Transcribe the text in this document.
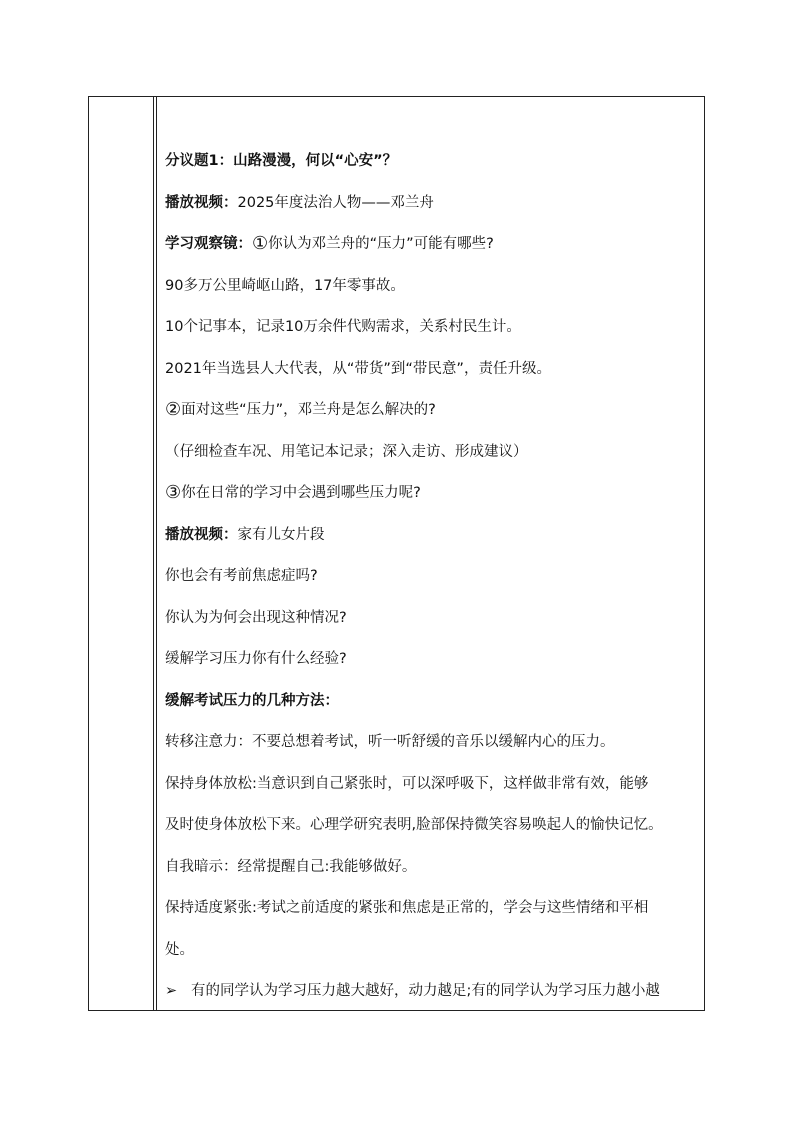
分议题1：山路漫漫，何以“心安”？
播放视频：2025年度法治人物——邓兰舟
学习观察镜：①你认为邓兰舟的“压力”可能有哪些?
90多万公里崎岖山路，17年零事故。
10个记事本，记录10万余件代购需求，关系村民生计。
2021年当选县人大代表，从“带货”到“带民意”，责任升级。
②面对这些“压力”，邓兰舟是怎么解决的?
（仔细检查车况、用笔记本记录；深入走访、形成建议）
③你在日常的学习中会遇到哪些压力呢?
播放视频：家有儿女片段
你也会有考前焦虑症吗?
你认为为何会出现这种情况?
缓解学习压力你有什么经验?
缓解考试压力的几种方法：
转移注意力：不要总想着考试，听一听舒缓的音乐以缓解内心的压力。
保持身体放松:当意识到自己紧张时，可以深呼吸下，这样做非常有效，能够
及时使身体放松下来。心理学研究表明,脸部保持微笑容易唤起人的愉快记忆。
自我暗示：经常提醒自己:我能够做好。
保持适度紧张:考试之前适度的紧张和焦虑是正常的，学会与这些情绪和平相
处。
➢ 有的同学认为学习压力越大越好，动力越足;有的同学认为学习压力越小越
